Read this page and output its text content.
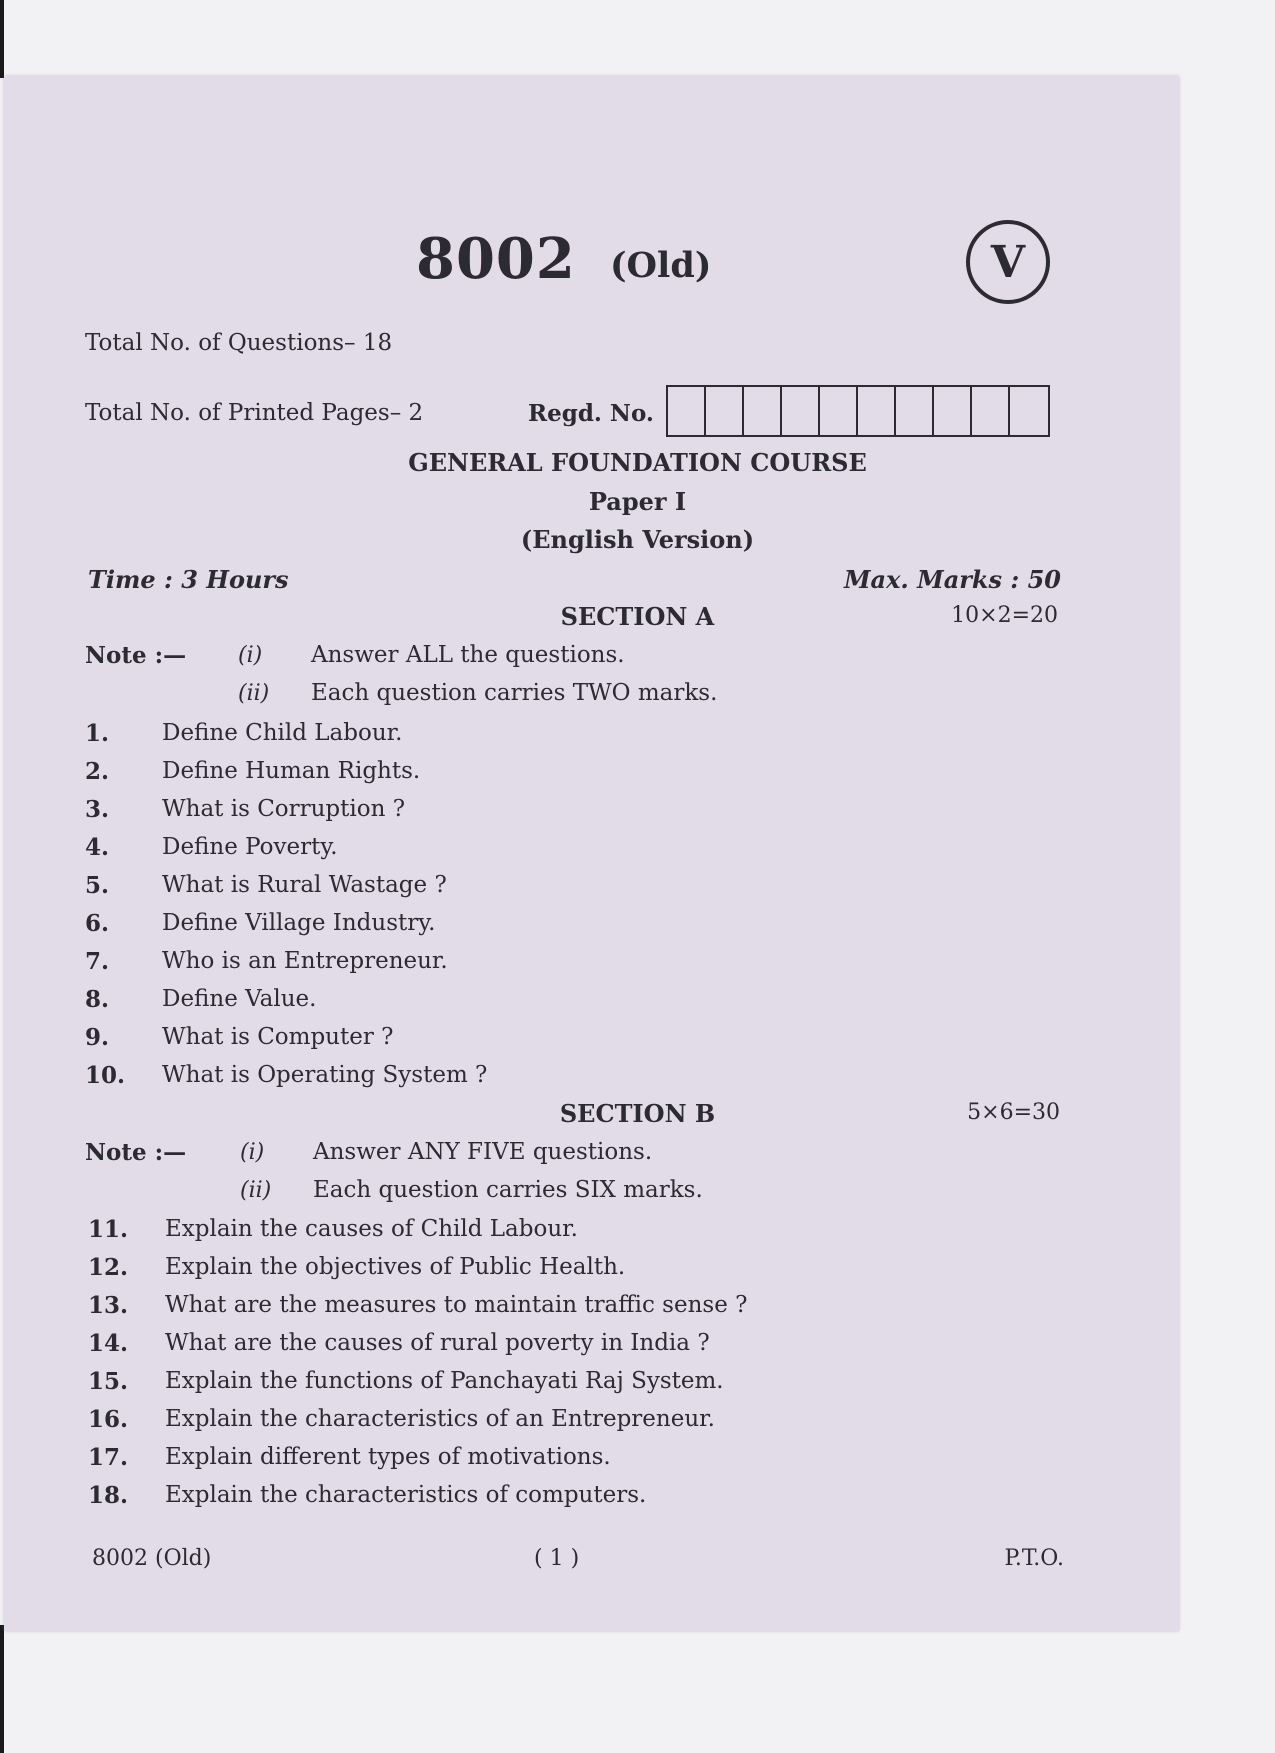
8002 (Old)	V
Total No. of Questions– 18
Total No. of Printed Pages– 2	Regd. No.
GENERAL FOUNDATION COURSE
Paper I
(English Version)
Time : 3 Hours	Max. Marks : 50
SECTION A	10×2=20
Note :— (i) Answer ALL the questions.
(ii) Each question carries TWO marks.
1. Define Child Labour.
2. Define Human Rights.
3. What is Corruption ?
4. Define Poverty.
5. What is Rural Wastage ?
6. Define Village Industry.
7. Who is an Entrepreneur.
8. Define Value.
9. What is Computer ?
10. What is Operating System ?
SECTION B	5×6=30
Note :— (i) Answer ANY FIVE questions.
(ii) Each question carries SIX marks.
11. Explain the causes of Child Labour.
12. Explain the objectives of Public Health.
13. What are the measures to maintain traffic sense ?
14. What are the causes of rural poverty in India ?
15. Explain the functions of Panchayati Raj System.
16. Explain the characteristics of an Entrepreneur.
17. Explain different types of motivations.
18. Explain the characteristics of computers.
8002 (Old)	( 1 )	P.T.O.
